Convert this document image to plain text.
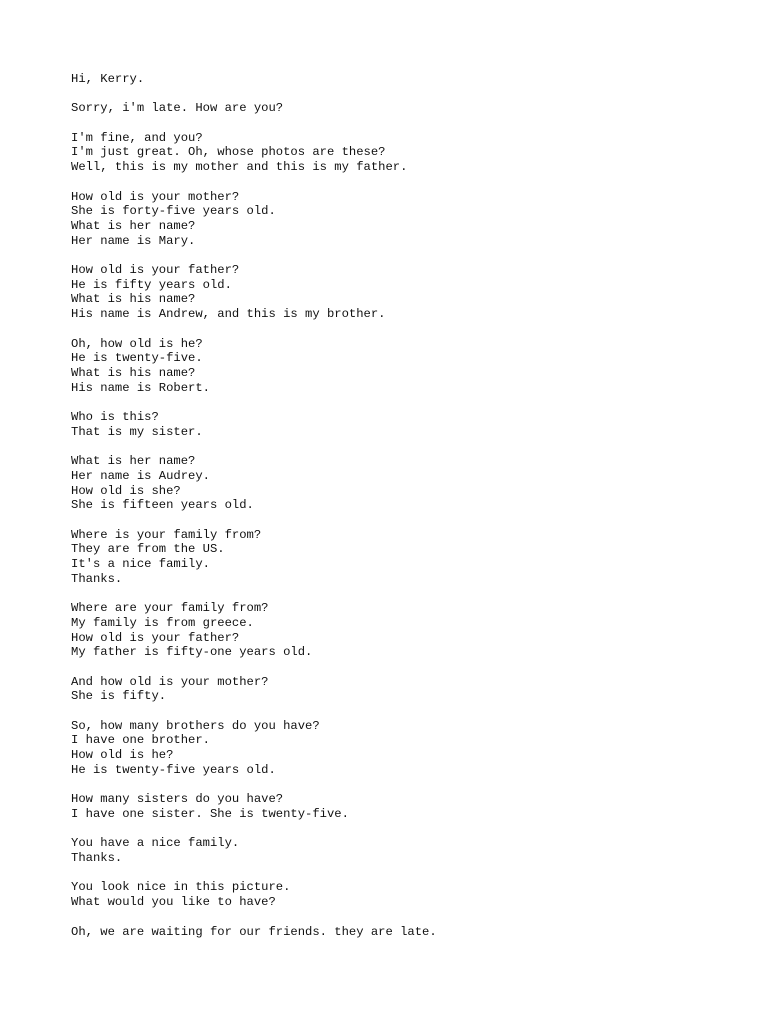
Hi, Kerry.
Sorry, i'm late. How are you?
I'm fine, and you?
I'm just great. Oh, whose photos are these?
Well, this is my mother and this is my father.
How old is your mother?
She is forty-five years old.
What is her name?
Her name is Mary.
How old is your father?
He is fifty years old.
What is his name?
His name is Andrew, and this is my brother.
Oh, how old is he?
He is twenty-five.
What is his name?
His name is Robert.
Who is this?
That is my sister.
What is her name?
Her name is Audrey.
How old is she?
She is fifteen years old.
Where is your family from?
They are from the US.
It's a nice family.
Thanks.
Where are your family from?
My family is from greece.
How old is your father?
My father is fifty-one years old.
And how old is your mother?
She is fifty.
So, how many brothers do you have?
I have one brother.
How old is he?
He is twenty-five years old.
How many sisters do you have?
I have one sister. She is twenty-five.
You have a nice family.
Thanks.
You look nice in this picture.
What would you like to have?
Oh, we are waiting for our friends. they are late.
